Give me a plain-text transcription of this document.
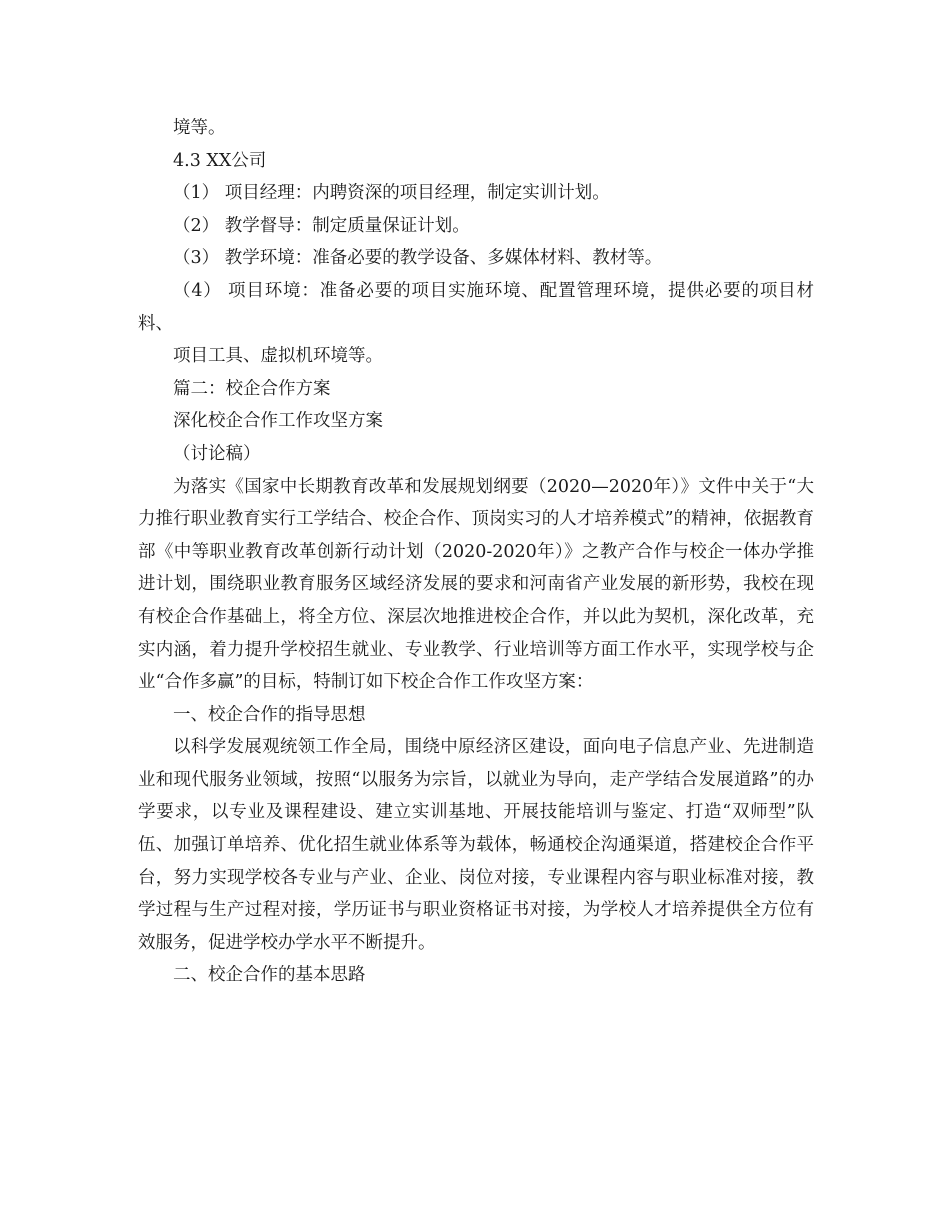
境等。

4.3 XX公司

（1） 项目经理：内聘资深的项目经理，制定实训计划。

（2） 教学督导：制定质量保证计划。

（3） 教学环境：准备必要的教学设备、多媒体材料、教材等。

（4） 项目环境：准备必要的项目实施环境、配置管理环境，提供必要的项目材料、

项目工具、虚拟机环境等。

篇二：校企合作方案

深化校企合作工作攻坚方案

（讨论稿）

为落实《国家中长期教育改革和发展规划纲要（2020—2020年）》文件中关于“大力推行职业教育实行工学结合、校企合作、顶岗实习的人才培养模式”的精神，依据教育部《中等职业教育改革创新行动计划（2020-2020年）》之教产合作与校企一体办学推进计划，围绕职业教育服务区域经济发展的要求和河南省产业发展的新形势，我校在现有校企合作基础上，将全方位、深层次地推进校企合作，并以此为契机，深化改革，充实内涵，着力提升学校招生就业、专业教学、行业培训等方面工作水平，实现学校与企业“合作多赢”的目标，特制订如下校企合作工作攻坚方案：

一、校企合作的指导思想

以科学发展观统领工作全局，围绕中原经济区建设，面向电子信息产业、先进制造业和现代服务业领域，按照“以服务为宗旨，以就业为导向，走产学结合发展道路”的办学要求，以专业及课程建设、建立实训基地、开展技能培训与鉴定、打造“双师型”队伍、加强订单培养、优化招生就业体系等为载体，畅通校企沟通渠道，搭建校企合作平台，努力实现学校各专业与产业、企业、岗位对接，专业课程内容与职业标准对接，教学过程与生产过程对接，学历证书与职业资格证书对接，为学校人才培养提供全方位有效服务，促进学校办学水平不断提升。

二、校企合作的基本思路
